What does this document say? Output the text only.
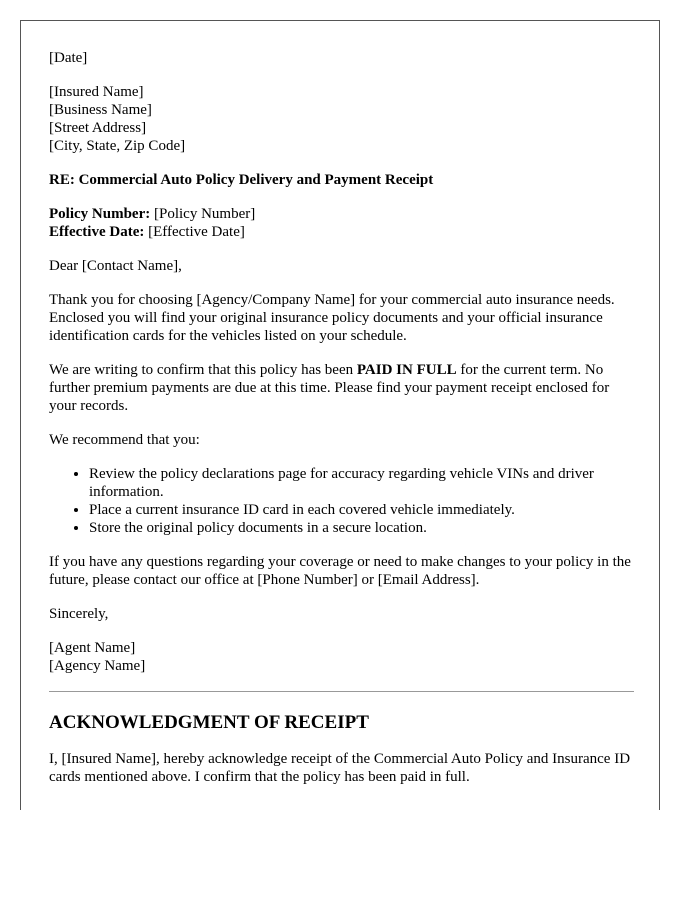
[Date]

[Insured Name]
[Business Name]
[Street Address]
[City, State, Zip Code]

RE: Commercial Auto Policy Delivery and Payment Receipt

Policy Number: [Policy Number]
Effective Date: [Effective Date]

Dear [Contact Name],

Thank you for choosing [Agency/Company Name] for your commercial auto insurance needs. Enclosed you will find your original insurance policy documents and your official insurance identification cards for the vehicles listed on your schedule.

We are writing to confirm that this policy has been PAID IN FULL for the current term. No further premium payments are due at this time. Please find your payment receipt enclosed for your records.

We recommend that you:

• Review the policy declarations page for accuracy regarding vehicle VINs and driver information.
• Place a current insurance ID card in each covered vehicle immediately.
• Store the original policy documents in a secure location.

If you have any questions regarding your coverage or need to make changes to your policy in the future, please contact our office at [Phone Number] or [Email Address].

Sincerely,

[Agent Name]
[Agency Name]

ACKNOWLEDGMENT OF RECEIPT

I, [Insured Name], hereby acknowledge receipt of the Commercial Auto Policy and Insurance ID cards mentioned above. I confirm that the policy has been paid in full.
